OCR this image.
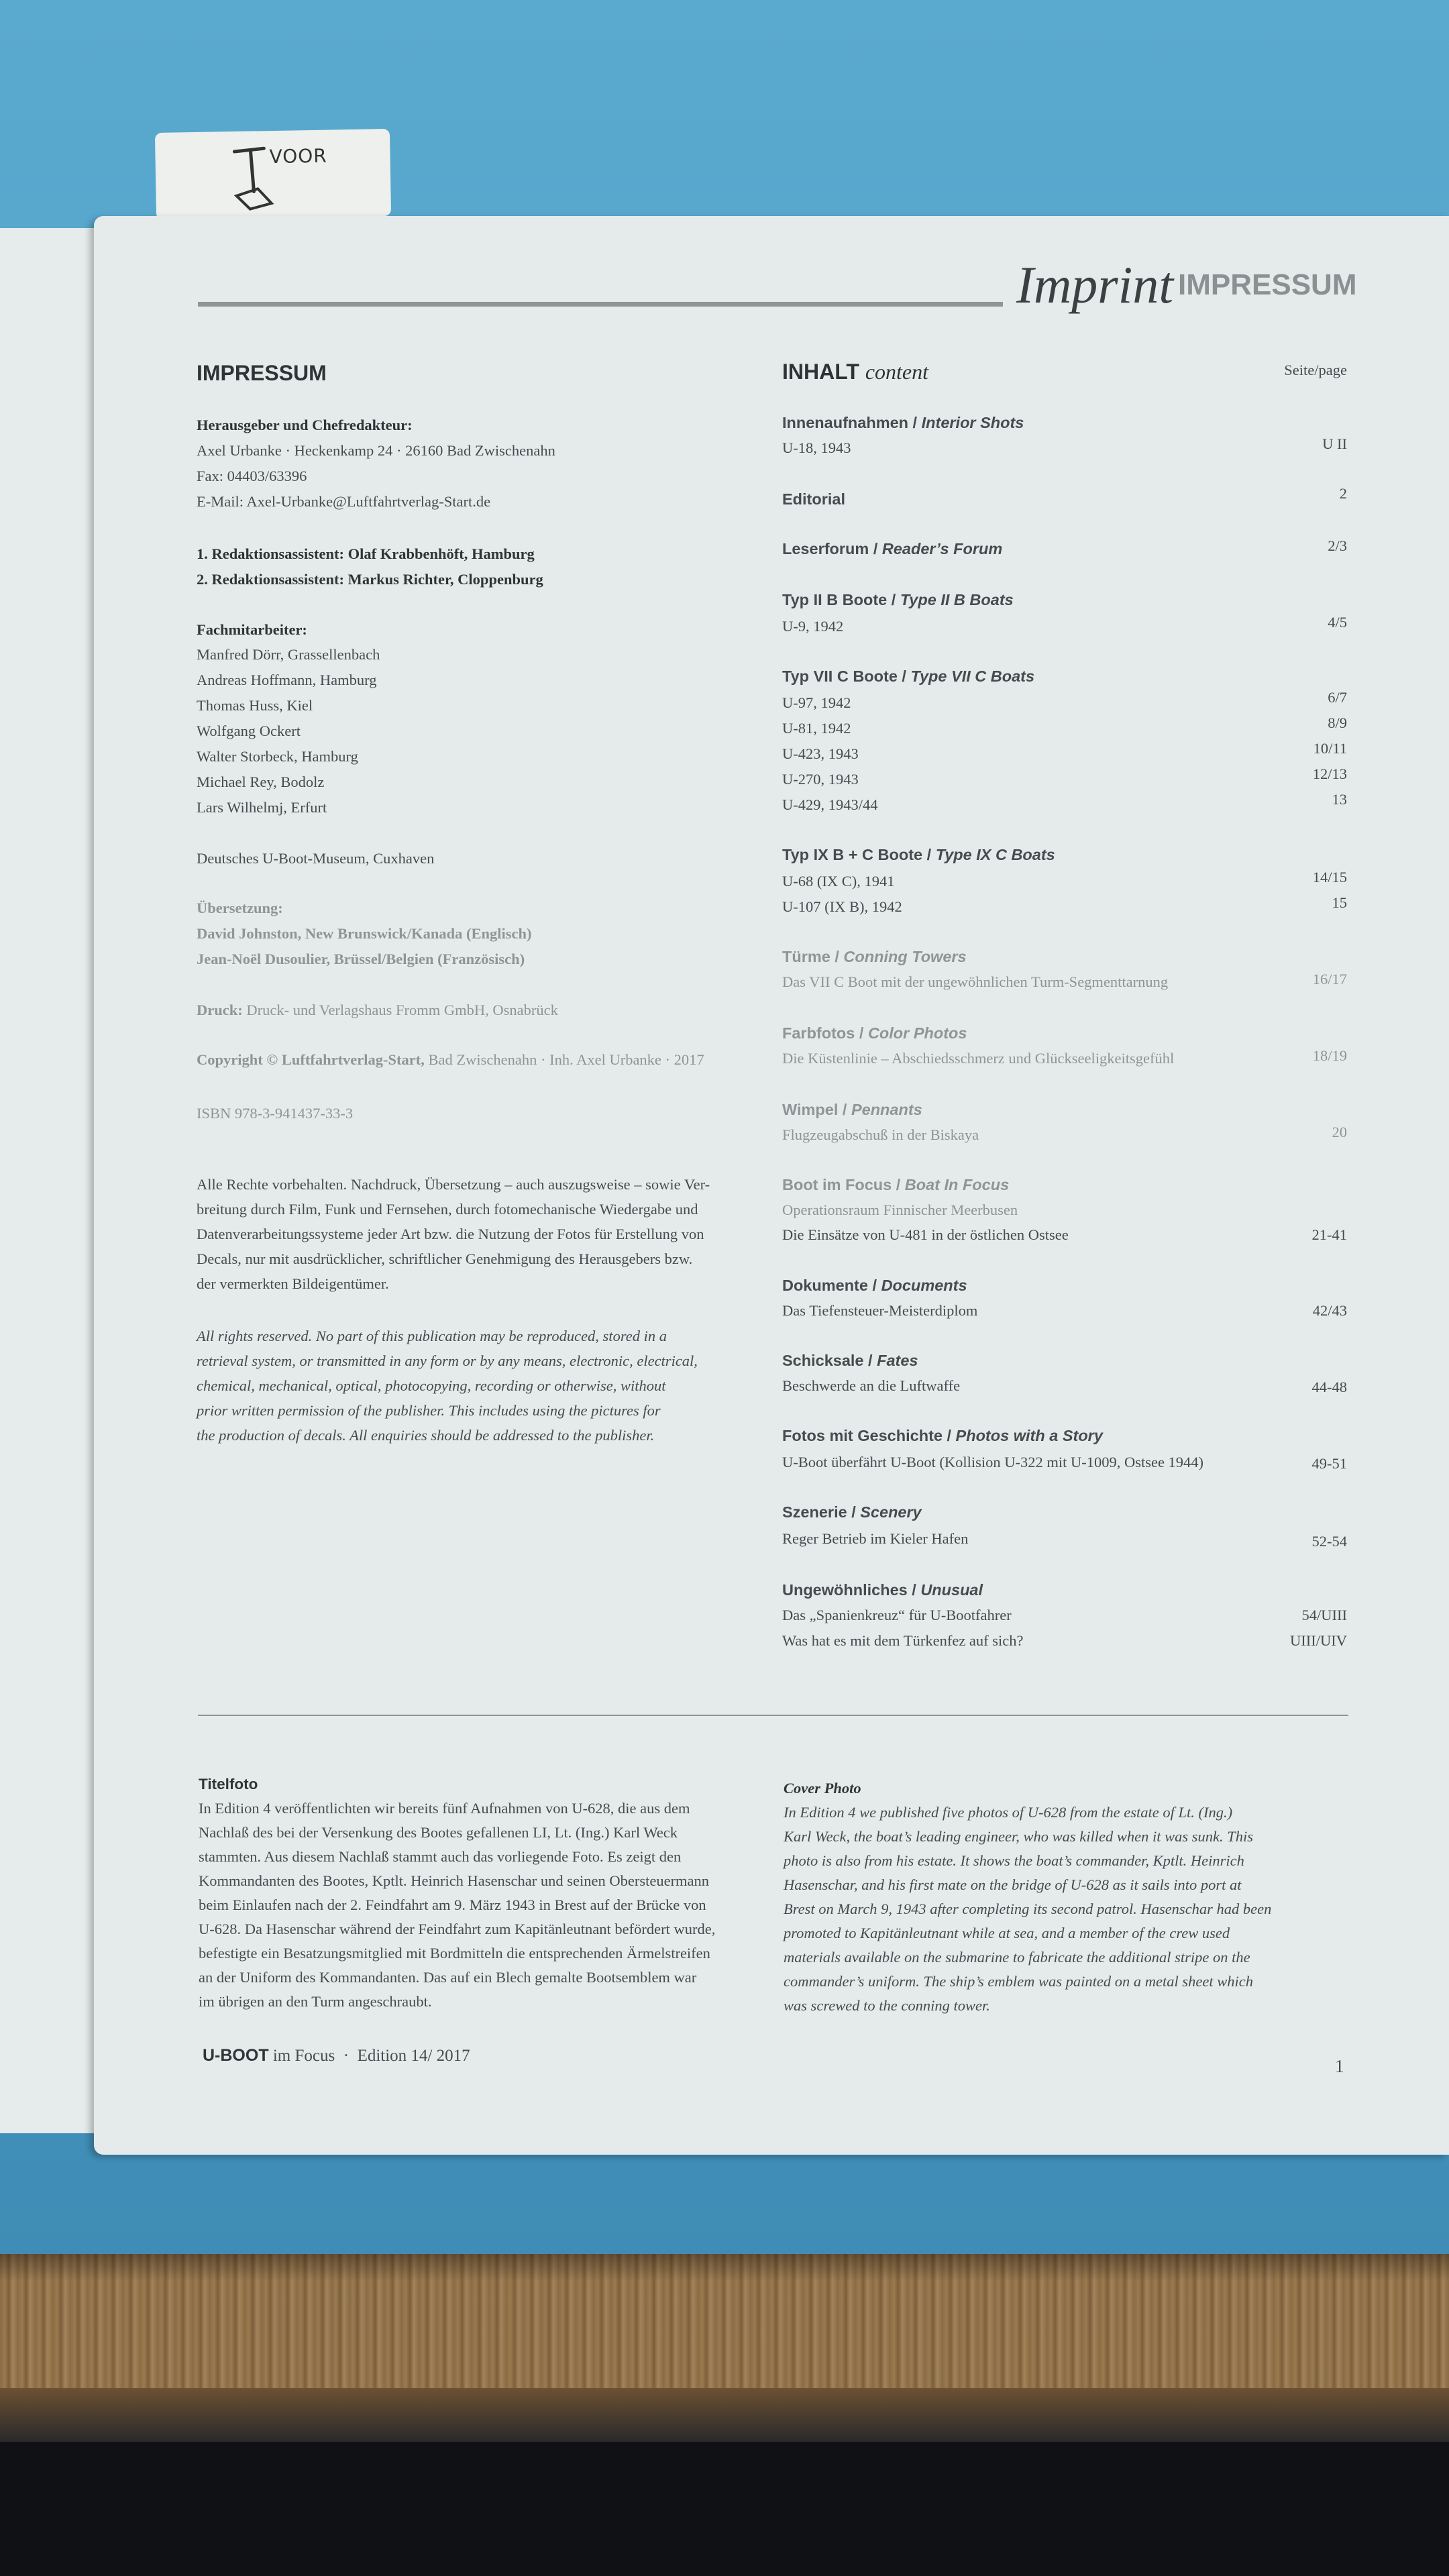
VOOR
Imprint IMPRESSUM
IMPRESSUM
Herausgeber und Chefredakteur:
Axel Urbanke · Heckenkamp 24 · 26160 Bad Zwischenahn
Fax: 04403/63396
E-Mail: Axel-Urbanke@Luftfahrtverlag-Start.de
1. Redaktionsassistent: Olaf Krabbenhöft, Hamburg
2. Redaktionsassistent: Markus Richter, Cloppenburg
Fachmitarbeiter:
Manfred Dörr, Grassellenbach
Andreas Hoffmann, Hamburg
Thomas Huss, Kiel
Wolfgang Ockert
Walter Storbeck, Hamburg
Michael Rey, Bodolz
Lars Wilhelmj, Erfurt
Deutsches U-Boot-Museum, Cuxhaven
Übersetzung:
David Johnston, New Brunswick/Kanada (Englisch)
Jean-Noël Dusoulier, Brüssel/Belgien (Französisch)
Druck: Druck- und Verlagshaus Fromm GmbH, Osnabrück
Copyright © Luftfahrtverlag-Start, Bad Zwischenahn · Inh. Axel Urbanke · 2017
ISBN 978-3-941437-33-3
Alle Rechte vorbehalten. Nachdruck, Übersetzung – auch auszugsweise – sowie Ver-
breitung durch Film, Funk und Fernsehen, durch fotomechanische Wiedergabe und
Datenverarbeitungssysteme jeder Art bzw. die Nutzung der Fotos für Erstellung von
Decals, nur mit ausdrücklicher, schriftlicher Genehmigung des Herausgebers bzw.
der vermerkten Bildeigentümer.
All rights reserved. No part of this publication may be reproduced, stored in a
retrieval system, or transmitted in any form or by any means, electronic, electrical,
chemical, mechanical, optical, photocopying, recording or otherwise, without
prior written permission of the publisher. This includes using the pictures for
the production of decals. All enquiries should be addressed to the publisher.
INHALT content	Seite/page
Innenaufnahmen / Interior Shots
U-18, 1943	U II
Editorial	2
Leserforum / Reader’s Forum	2/3
Typ II B Boote / Type II B Boats
U-9, 1942	4/5
Typ VII C Boote / Type VII C Boats
U-97, 1942	6/7
U-81, 1942	8/9
U-423, 1943	10/11
U-270, 1943	12/13
U-429, 1943/44	13
Typ IX B + C Boote / Type IX C Boats
U-68 (IX C), 1941	14/15
U-107 (IX B), 1942	15
Türme / Conning Towers
Das VII C Boot mit der ungewöhnlichen Turm-Segmenttarnung	16/17
Farbfotos / Color Photos
Die Küstenlinie – Abschiedsschmerz und Glückseeligkeitsgefühl	18/19
Wimpel / Pennants
Flugzeugabschuß in der Biskaya	20
Boot im Focus / Boat In Focus
Operationsraum Finnischer Meerbusen
Die Einsätze von U-481 in der östlichen Ostsee	21-41
Dokumente / Documents
Das Tiefensteuer-Meisterdiplom	42/43
Schicksale / Fates
Beschwerde an die Luftwaffe	44-48
Fotos mit Geschichte / Photos with a Story
U-Boot überfährt U-Boot (Kollision U-322 mit U-1009, Ostsee 1944)	49-51
Szenerie / Scenery
Reger Betrieb im Kieler Hafen	52-54
Ungewöhnliches / Unusual
Das „Spanienkreuz“ für U-Bootfahrer	54/UIII
Was hat es mit dem Türkenfez auf sich?	UIII/UIV
Titelfoto
In Edition 4 veröffentlichten wir bereits fünf Aufnahmen von U-628, die aus dem
Nachlaß des bei der Versenkung des Bootes gefallenen LI, Lt. (Ing.) Karl Weck
stammten. Aus diesem Nachlaß stammt auch das vorliegende Foto. Es zeigt den
Kommandanten des Bootes, Kptlt. Heinrich Hasenschar und seinen Obersteuermann
beim Einlaufen nach der 2. Feindfahrt am 9. März 1943 in Brest auf der Brücke von
U-628. Da Hasenschar während der Feindfahrt zum Kapitänleutnant befördert wurde,
befestigte ein Besatzungsmitglied mit Bordmitteln die entsprechenden Ärmelstreifen
an der Uniform des Kommandanten. Das auf ein Blech gemalte Bootsemblem war
im übrigen an den Turm angeschraubt.
Cover Photo
In Edition 4 we published five photos of U-628 from the estate of Lt. (Ing.)
Karl Weck, the boat’s leading engineer, who was killed when it was sunk. This
photo is also from his estate. It shows the boat’s commander, Kptlt. Heinrich
Hasenschar, and his first mate on the bridge of U-628 as it sails into port at
Brest on March 9, 1943 after completing its second patrol. Hasenschar had been
promoted to Kapitänleutnant while at sea, and a member of the crew used
materials available on the submarine to fabricate the additional stripe on the
commander’s uniform. The ship’s emblem was painted on a metal sheet which
was screwed to the conning tower.
U-BOOT im Focus  ·  Edition 14/ 2017
1
